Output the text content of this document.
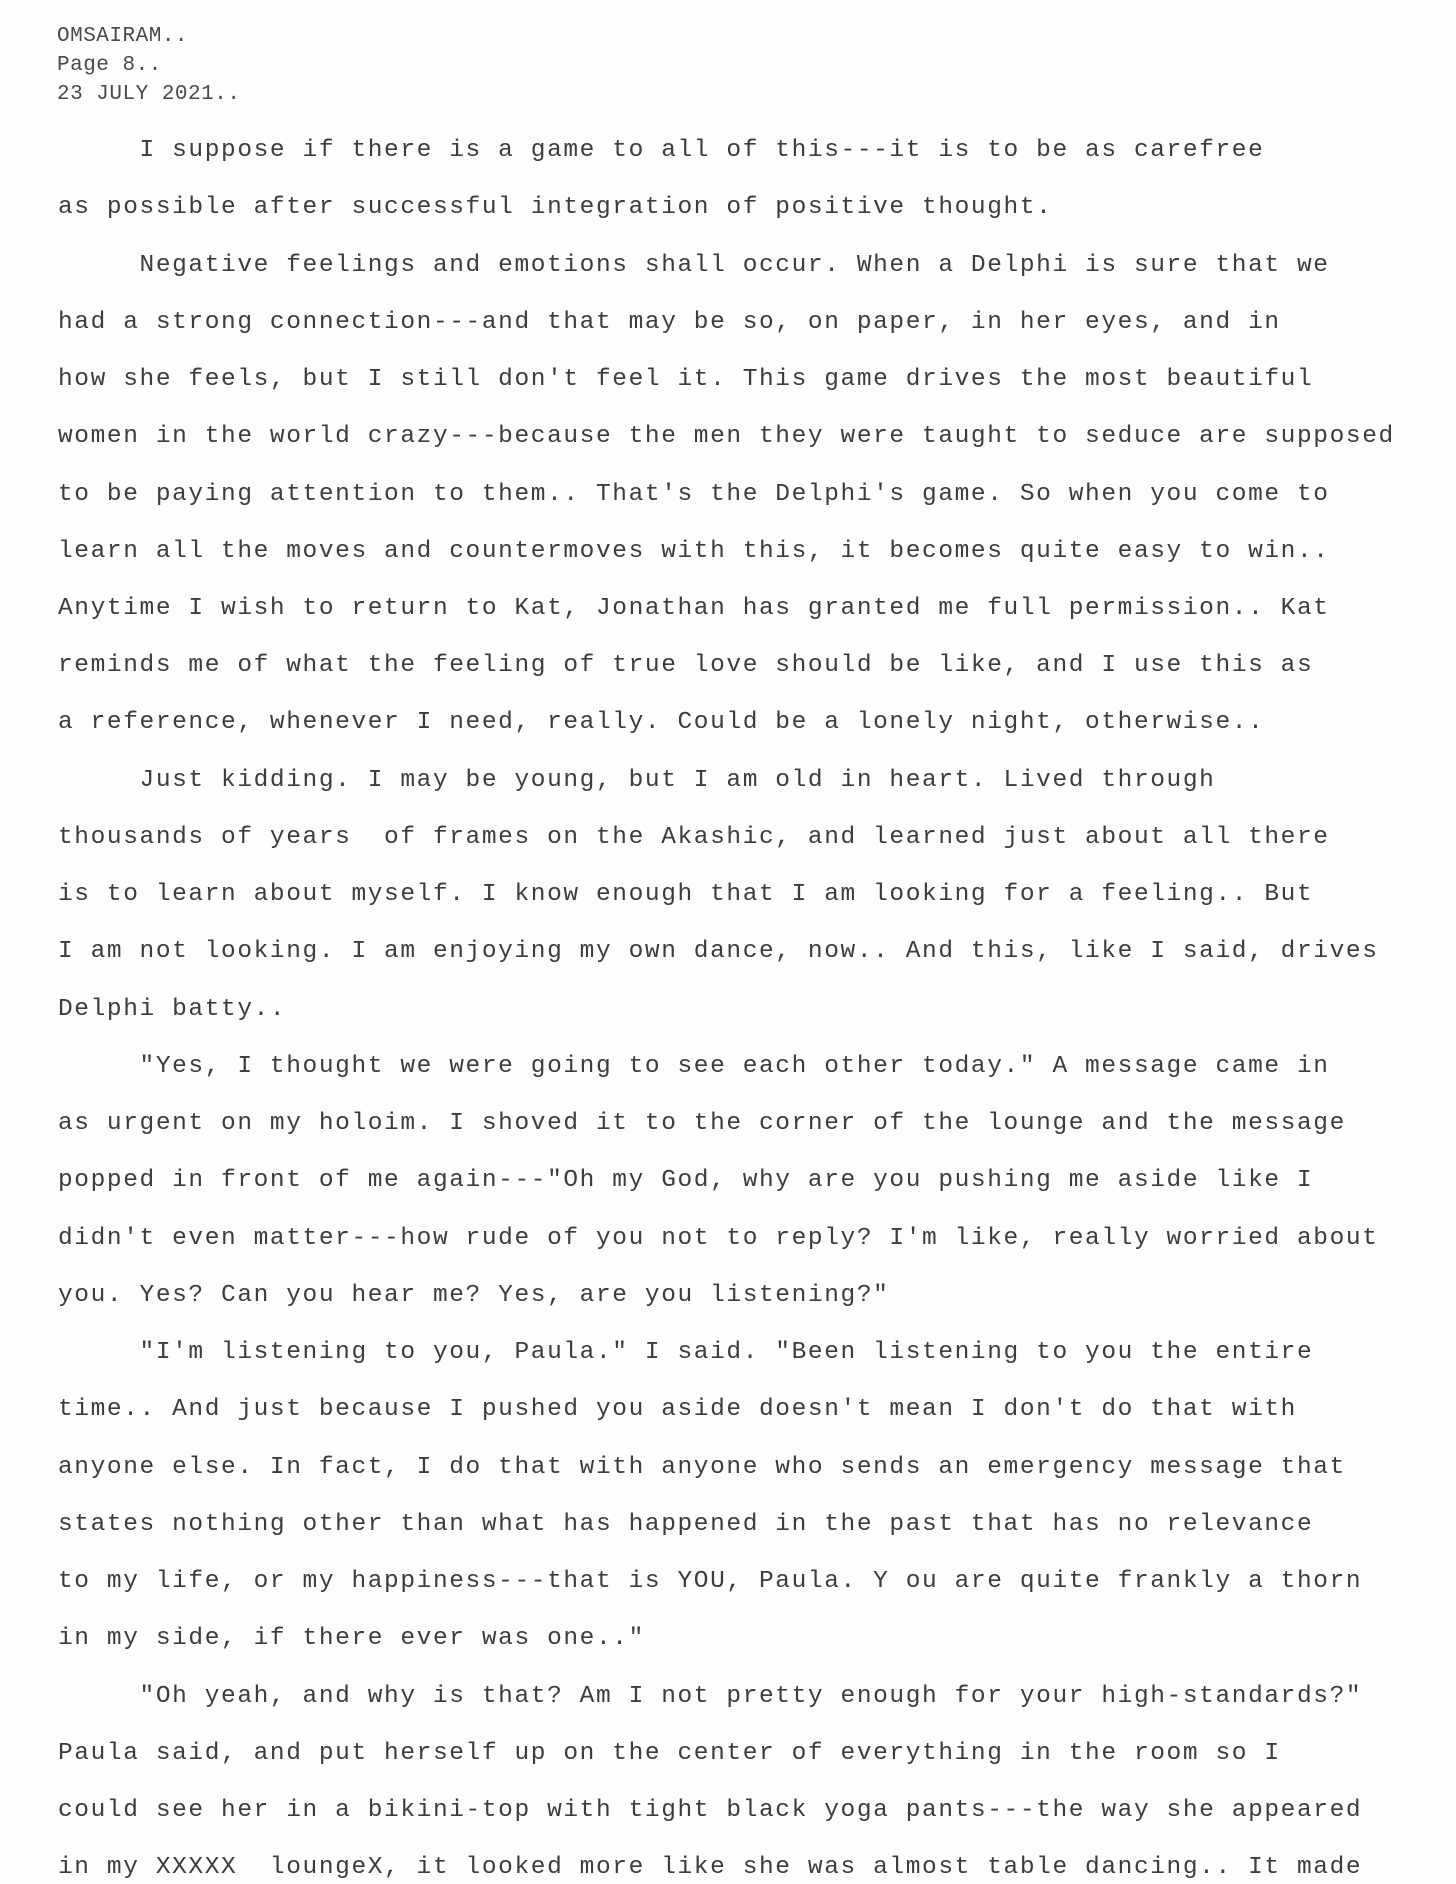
OMSAIRAM..
Page 8..
23 JULY 2021..
I suppose if there is a game to all of this---it is to be as carefree
as possible after successful integration of positive thought.
Negative feelings and emotions shall occur. When a Delphi is sure that we
had a strong connection---and that may be so, on paper, in her eyes, and in
how she feels, but I still don't feel it. This game drives the most beautiful
women in the world crazy---because the men they were taught to seduce are supposed
to be paying attention to them.. That's the Delphi's game. So when you come to
learn all the moves and countermoves with this, it becomes quite easy to win..
Anytime I wish to return to Kat, Jonathan has granted me full permission.. Kat
reminds me of what the feeling of true love should be like, and I use this as
a reference, whenever I need, really. Could be a lonely night, otherwise..
Just kidding. I may be young, but I am old in heart. Lived through
thousands of years  of frames on the Akashic, and learned just about all there
is to learn about myself. I know enough that I am looking for a feeling.. But
I am not looking. I am enjoying my own dance, now.. And this, like I said, drives
Delphi batty..
"Yes, I thought we were going to see each other today." A message came in
as urgent on my holoim. I shoved it to the corner of the lounge and the message
popped in front of me again---"Oh my God, why are you pushing me aside like I
didn't even matter---how rude of you not to reply? I'm like, really worried about
you. Yes? Can you hear me? Yes, are you listening?"
"I'm listening to you, Paula." I said. "Been listening to you the entire
time.. And just because I pushed you aside doesn't mean I don't do that with
anyone else. In fact, I do that with anyone who sends an emergency message that
states nothing other than what has happened in the past that has no relevance
to my life, or my happiness---that is YOU, Paula. Y ou are quite frankly a thorn
in my side, if there ever was one.."
"Oh yeah, and why is that? Am I not pretty enough for your high-standards?"
Paula said, and put herself up on the center of everything in the room so I
could see her in a bikini-top with tight black yoga pants---the way she appeared
in my XXXXX  loungeX, it looked more like she was almost table dancing.. It made
